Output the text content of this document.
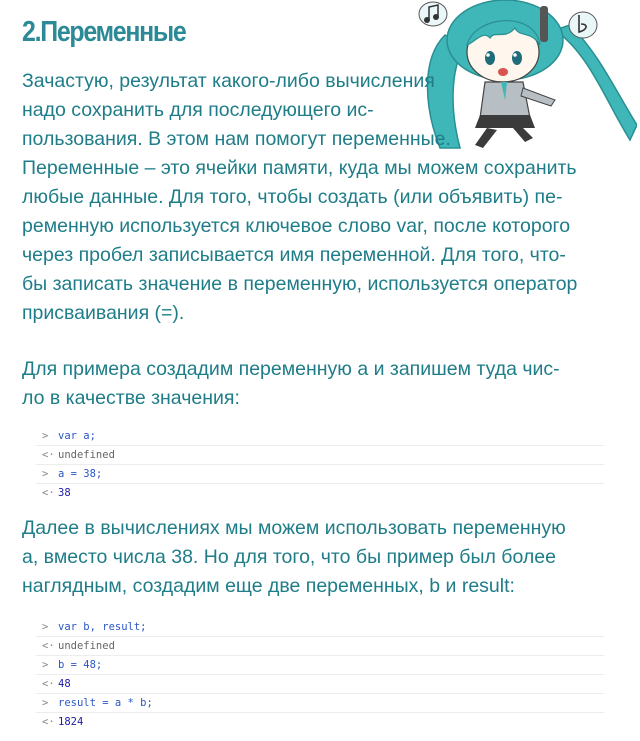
2.Переменные

Зачастую, результат какого-либо вычисления
надо сохранить для последующего ис-
пользования. В этом нам помогут переменные.
Переменные – это ячейки памяти, куда мы можем сохранить
любые данные. Для того, чтобы создать (или объявить) пе-
ременную используется ключевое слово var, после которого
через пробел записывается имя переменной. Для того, что-
бы записать значение в переменную, используется оператор
присваивания (=).

Для примера создадим переменную а и запишем туда чис-
ло в качестве значения:

> var a;
<· undefined
> a = 38;
<· 38

Далее в вычислениях мы можем использовать переменную
а, вместо числа 38. Но для того, что бы пример был более
наглядным, создадим еще две переменных, b и result:

> var b, result;
<· undefined
> b = 48;
<· 48
> result = a * b;
<· 1824
